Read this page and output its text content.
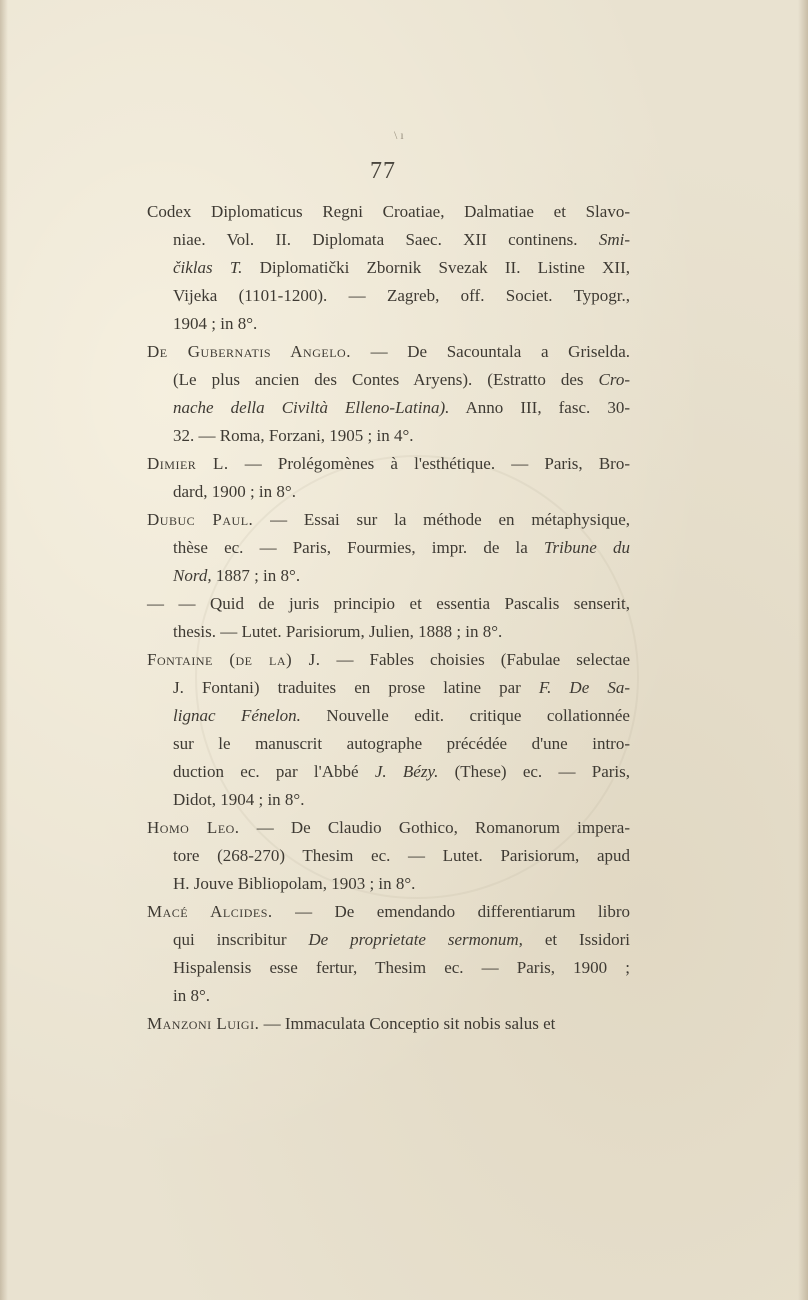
\ ı
77
Codex Diplomaticus Regni Croatiae, Dalmatiae et Slavo-
niae. Vol. II. Diplomata Saec. XII continens. Smi-
čiklas T. Diplomatički Zbornik Svezak II. Listine XII,
Vijeka (1101-1200). — Zagreb, off. Societ. Typogr.,
1904 ; in 8°.
De Gubernatis Angelo. — De Sacountala a Griselda.
(Le plus ancien des Contes Aryens). (Estratto des Cro-
nache della Civiltà Elleno-Latina). Anno III, fasc. 30-
32. — Roma, Forzani, 1905 ; in 4°.
Dimier L. — Prolégomènes à l'esthétique. — Paris, Bro-
dard, 1900 ; in 8°.
Dubuc Paul. — Essai sur la méthode en métaphysique,
thèse ec. — Paris, Fourmies, impr. de la Tribune du
Nord, 1887 ; in 8°.
— — Quid de juris principio et essentia Pascalis senserit,
thesis. — Lutet. Parisiorum, Julien, 1888 ; in 8°.
Fontaine (de la) J. — Fables choisies (Fabulae selectae
J. Fontani) traduites en prose latine par F. De Sa-
lignac Fénelon. Nouvelle edit. critique collationnée
sur le manuscrit autographe précédée d'une intro-
duction ec. par l'Abbé J. Bézy. (These) ec. — Paris,
Didot, 1904 ; in 8°.
Homo Leo. — De Claudio Gothico, Romanorum impera-
tore (268-270) Thesim ec. — Lutet. Parisiorum, apud
H. Jouve Bibliopolam, 1903 ; in 8°.
Macé Alcides. — De emendando differentiarum libro
qui inscribitur De proprietate sermonum, et Issidori
Hispalensis esse fertur, Thesim ec. — Paris, 1900 ;
in 8°.
Manzoni Luigi. — Immaculata Conceptio sit nobis salus et
